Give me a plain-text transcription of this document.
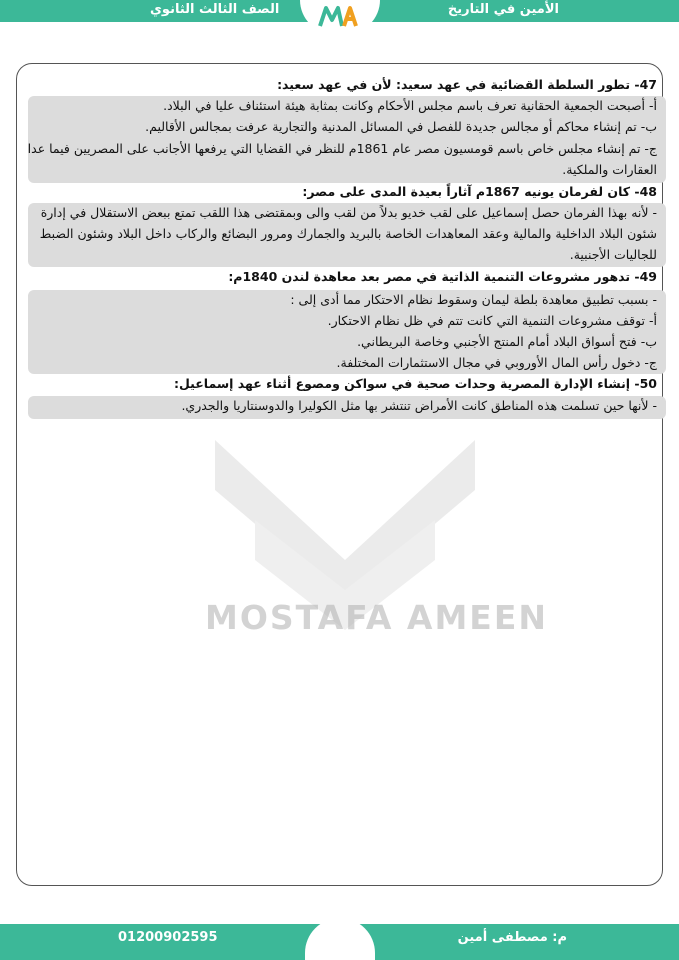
الأمين في التاريخ
الصف الثالث الثانوي
MOSTAFA AMEEN
47- تطور السلطة القضائية في عهد سعيد: لأن في عهد سعيد:
أ- أصبحت الجمعية الحقانية تعرف باسم مجلس الأحكام وكانت بمثابة هيئة استئناف عليا في البلاد.
ب- تم إنشاء محاكم أو مجالس جديدة للفصل في المسائل المدنية والتجارية عرفت بمجالس الأقاليم.
ج- تم إنشاء مجلس خاص باسم قومسيون مصر عام 1861م للنظر في القضايا التي يرفعها الأجانب على المصريين فيما عدا
العقارات والملكية.
48- كان لفرمان يونيه 1867م آثاراً بعيدة المدى على مصر:
- لأنه بهذا الفرمان حصل إسماعيل على لقب خديو بدلاً من لقب والى وبمقتضى هذا اللقب تمتع ببعض الاستقلال في إدارة
شئون البلاد الداخلية والمالية وعقد المعاهدات الخاصة بالبريد والجمارك ومرور البضائع والركاب داخل البلاد وشئون الضبط
للجاليات الأجنبية.
49- تدهور مشروعات التنمية الذاتية في مصر بعد معاهدة لندن 1840م:
- بسبب تطبيق معاهدة بلطة ليمان وسقوط نظام الاحتكار مما أدى إلى :
أ- توقف مشروعات التنمية التي كانت تتم في ظل نظام الاحتكار.
ب- فتح أسواق البلاد أمام المنتج الأجنبي وخاصة البريطاني.
ج- دخول رأس المال الأوروبي في مجال الاستثمارات المختلفة.
50- إنشاء الإدارة المصرية وحدات صحية في سواكن ومصوع أثناء عهد إسماعيل:
- لأنها حين تسلمت هذه المناطق كانت الأمراض تنتشر بها مثل الكوليرا والدوسنتاريا والجدري.
م: مصطفى أمين
01200902595
